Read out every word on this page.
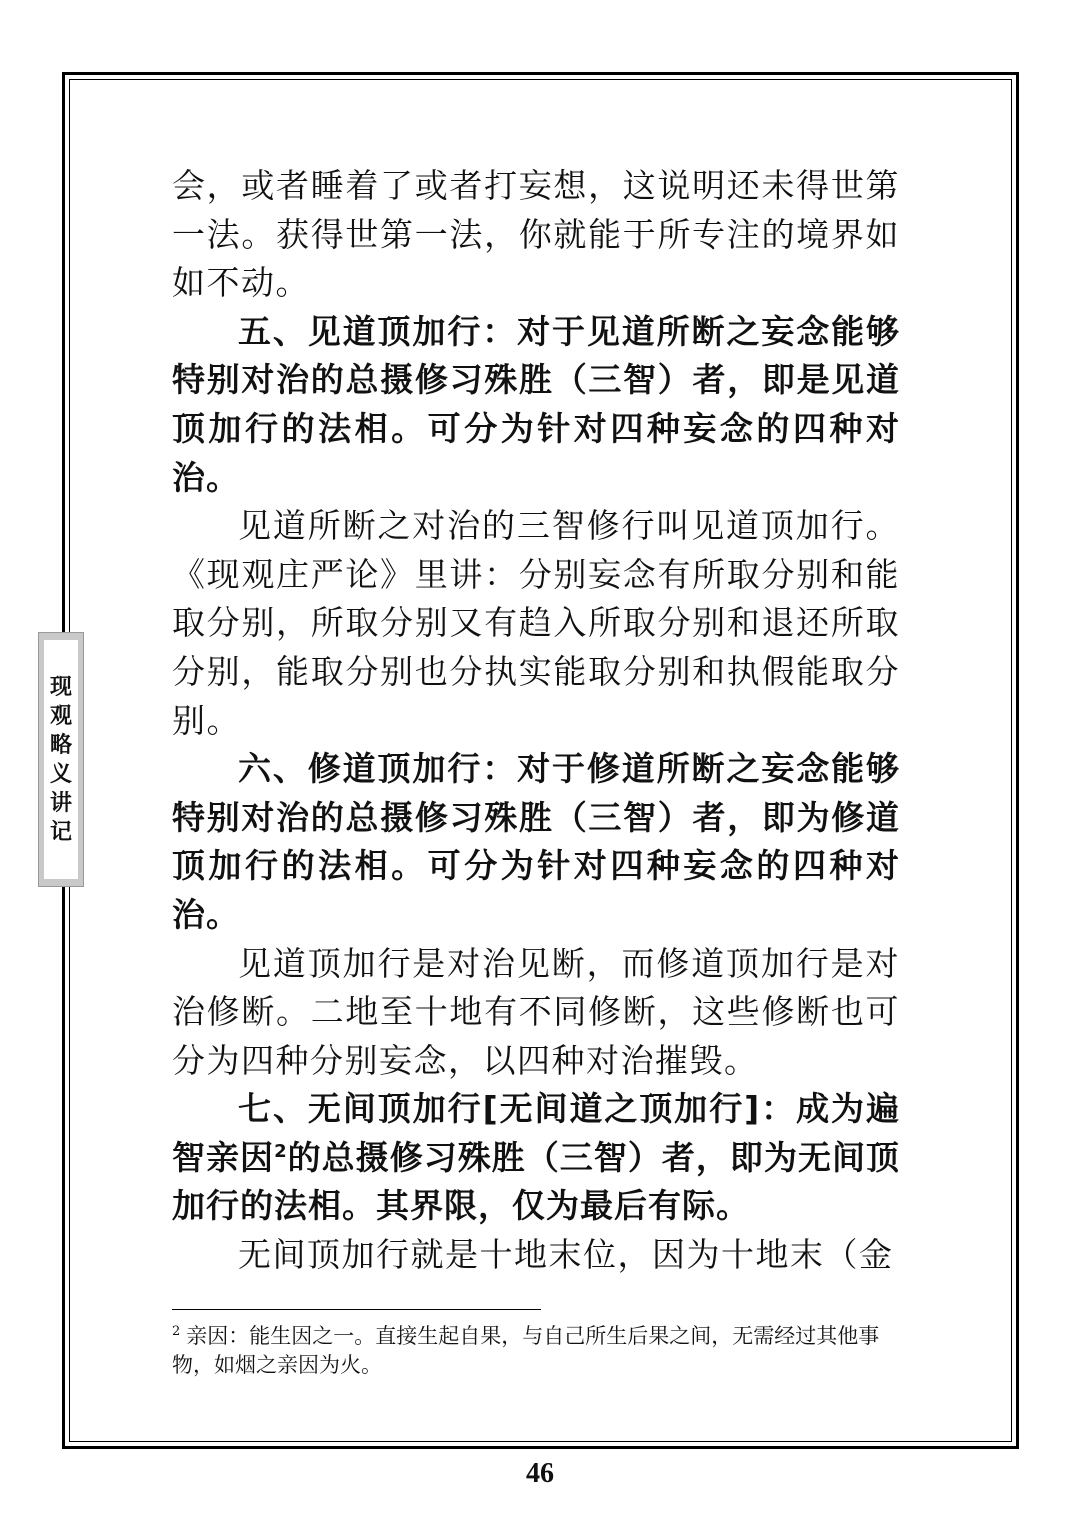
现
观
略
义
讲
记

会，或者睡着了或者打妄想，这说明还未得世第一法。获得世第一法，你就能于所专注的境界如如不动。

五、见道顶加行：对于见道所断之妄念能够特别对治的总摄修习殊胜（三智）者，即是见道顶加行的法相。可分为针对四种妄念的四种对治。

见道所断之对治的三智修行叫见道顶加行。《现观庄严论》里讲：分别妄念有所取分别和能取分别，所取分别又有趋入所取分别和退还所取分别，能取分别也分执实能取分别和执假能取分别。

六、修道顶加行：对于修道所断之妄念能够特别对治的总摄修习殊胜（三智）者，即为修道顶加行的法相。可分为针对四种妄念的四种对治。

见道顶加行是对治见断，而修道顶加行是对治修断。二地至十地有不同修断，这些修断也可分为四种分别妄念，以四种对治摧毁。

七、无间顶加行[无间道之顶加行]：成为遍智亲因$^2$的总摄修习殊胜（三智）者，即为无间顶加行的法相。其界限，仅为最后有际。

无间顶加行就是十地末位，因为十地末（金

$^2$ 亲因：能生因之一。直接生起自果，与自己所生后果之间，无需经过其他事物，如烟之亲因为火。
46
